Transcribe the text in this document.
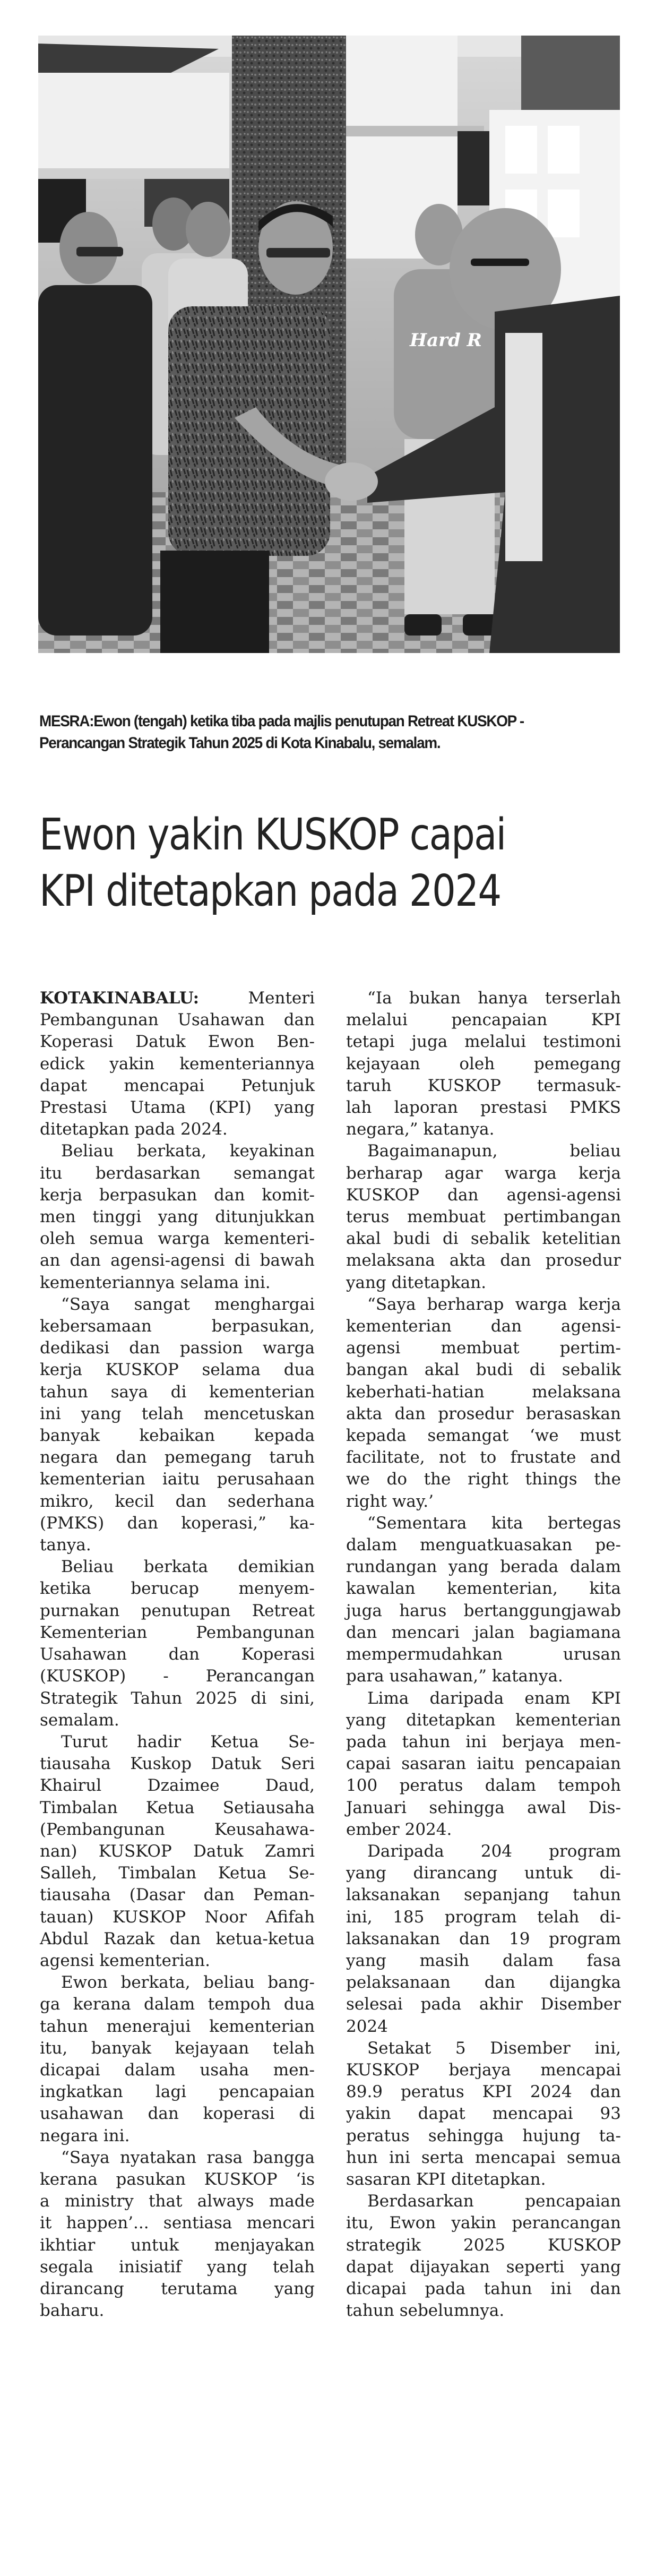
Hard R
MESRA:Ewon (tengah) ketika tiba pada majlis penutupan Retreat KUSKOP - Perancangan Strategik Tahun 2025 di Kota Kinabalu, semalam.
Ewon yakin KUSKOP capai
KPI ditetapkan pada 2024
KOTAKINABALU: Menteri
Pembangunan Usahawan dan
Koperasi Datuk Ewon Ben-
edick yakin kementeriannya
dapat mencapai Petunjuk
Prestasi Utama (KPI) yang
ditetapkan pada 2024.
Beliau berkata, keyakinan
itu berdasarkan semangat
kerja berpasukan dan komit-
men tinggi yang ditunjukkan
oleh semua warga kementeri-
an dan agensi-agensi di bawah
kementeriannya selama ini.
“Saya sangat menghargai
kebersamaan berpasukan,
dedikasi dan passion warga
kerja KUSKOP selama dua
tahun saya di kementerian
ini yang telah mencetuskan
banyak kebaikan kepada
negara dan pemegang taruh
kementerian iaitu perusahaan
mikro, kecil dan sederhana
(PMKS) dan koperasi,” ka-
tanya.
Beliau berkata demikian
ketika berucap menyem-
purnakan penutupan Retreat
Kementerian Pembangunan
Usahawan dan Koperasi
(KUSKOP) - Perancangan
Strategik Tahun 2025 di sini,
semalam.
Turut hadir Ketua Se-
tiausaha Kuskop Datuk Seri
Khairul Dzaimee Daud,
Timbalan Ketua Setiausaha
(Pembangunan Keusahawa-
nan) KUSKOP Datuk Zamri
Salleh, Timbalan Ketua Se-
tiausaha (Dasar dan Peman-
tauan) KUSKOP Noor Afifah
Abdul Razak dan ketua-ketua
agensi kementerian.
Ewon berkata, beliau bang-
ga kerana dalam tempoh dua
tahun menerajui kementerian
itu, banyak kejayaan telah
dicapai dalam usaha men-
ingkatkan lagi pencapaian
usahawan dan koperasi di
negara ini.
“Saya nyatakan rasa bangga
kerana pasukan KUSKOP ‘is
a ministry that always made
it happen’... sentiasa mencari
ikhtiar untuk menjayakan
segala inisiatif yang telah
dirancang terutama yang
baharu.
“Ia bukan hanya terserlah
melalui pencapaian KPI
tetapi juga melalui testimoni
kejayaan oleh pemegang
taruh KUSKOP termasuk-
lah laporan prestasi PMKS
negara,” katanya.
Bagaimanapun, beliau
berharap agar warga kerja
KUSKOP dan agensi-agensi
terus membuat pertimbangan
akal budi di sebalik ketelitian
melaksana akta dan prosedur
yang ditetapkan.
“Saya berharap warga kerja
kementerian dan agensi-
agensi membuat pertim-
bangan akal budi di sebalik
keberhati-hatian melaksana
akta dan prosedur berasaskan
kepada semangat ‘we must
facilitate, not to frustate and
we do the right things the
right way.’
“Sementara kita bertegas
dalam menguatkuasakan pe-
rundangan yang berada dalam
kawalan kementerian, kita
juga harus bertanggungjawab
dan mencari jalan bagiamana
mempermudahkan urusan
para usahawan,” katanya.
Lima daripada enam KPI
yang ditetapkan kementerian
pada tahun ini berjaya men-
capai sasaran iaitu pencapaian
100 peratus dalam tempoh
Januari sehingga awal Dis-
ember 2024.
Daripada 204 program
yang dirancang untuk di-
laksanakan sepanjang tahun
ini, 185 program telah di-
laksanakan dan 19 program
yang masih dalam fasa
pelaksanaan dan dijangka
selesai pada akhir Disember
2024
Setakat 5 Disember ini,
KUSKOP berjaya mencapai
89.9 peratus KPI 2024 dan
yakin dapat mencapai 93
peratus sehingga hujung ta-
hun ini serta mencapai semua
sasaran KPI ditetapkan.
Berdasarkan pencapaian
itu, Ewon yakin perancangan
strategik 2025 KUSKOP
dapat dijayakan seperti yang
dicapai pada tahun ini dan
tahun sebelumnya.
